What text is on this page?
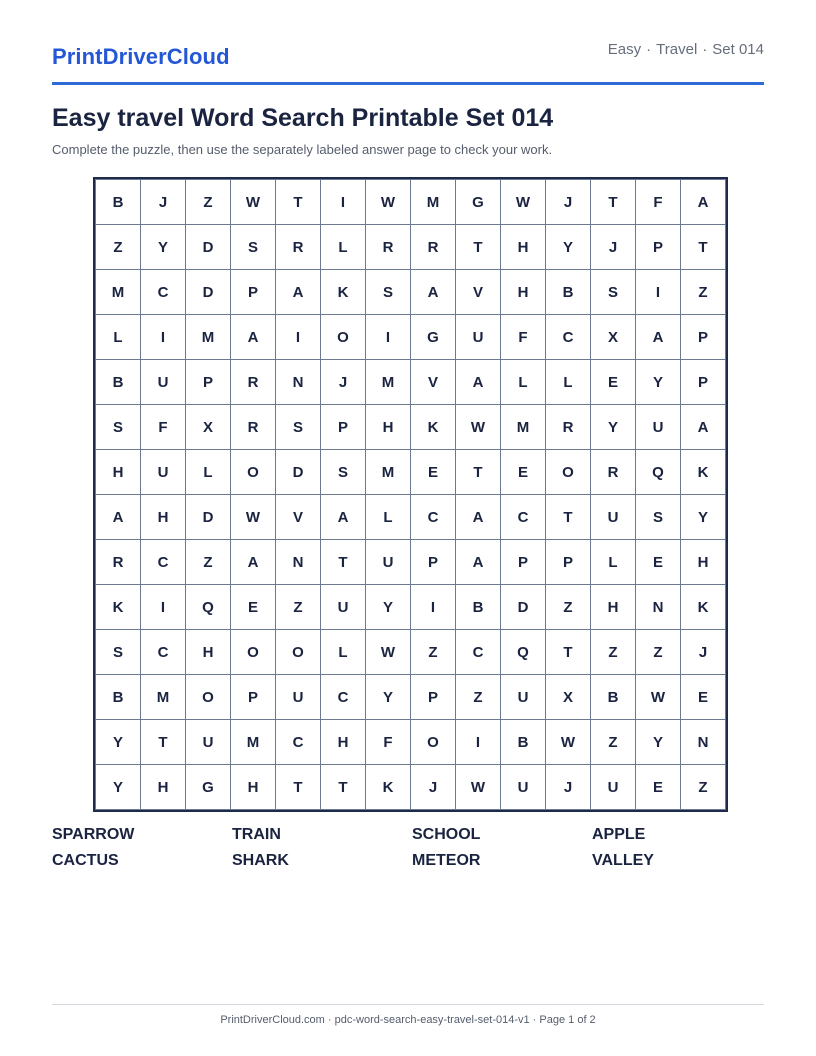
PrintDriverCloud	Easy · Travel · Set 014
Easy travel Word Search Printable Set 014
Complete the puzzle, then use the separately labeled answer page to check your work.
B	J	Z	W	T	I	W	M	G	W	J	T	F	A
Z	Y	D	S	R	L	R	R	T	H	Y	J	P	T
M	C	D	P	A	K	S	A	V	H	B	S	I	Z
L	I	M	A	I	O	I	G	U	F	C	X	A	P
B	U	P	R	N	J	M	V	A	L	L	E	Y	P
S	F	X	R	S	P	H	K	W	M	R	Y	U	A
H	U	L	O	D	S	M	E	T	E	O	R	Q	K
A	H	D	W	V	A	L	C	A	C	T	U	S	Y
R	C	Z	A	N	T	U	P	A	P	P	L	E	H
K	I	Q	E	Z	U	Y	I	B	D	Z	H	N	K
S	C	H	O	O	L	W	Z	C	Q	T	Z	Z	J
B	M	O	P	U	C	Y	P	Z	U	X	B	W	E
Y	T	U	M	C	H	F	O	I	B	W	Z	Y	N
Y	H	G	H	T	T	K	J	W	U	J	U	E	Z
SPARROW	TRAIN	SCHOOL	APPLE
CACTUS	SHARK	METEOR	VALLEY
PrintDriverCloud.com · pdc-word-search-easy-travel-set-014-v1 · Page 1 of 2
